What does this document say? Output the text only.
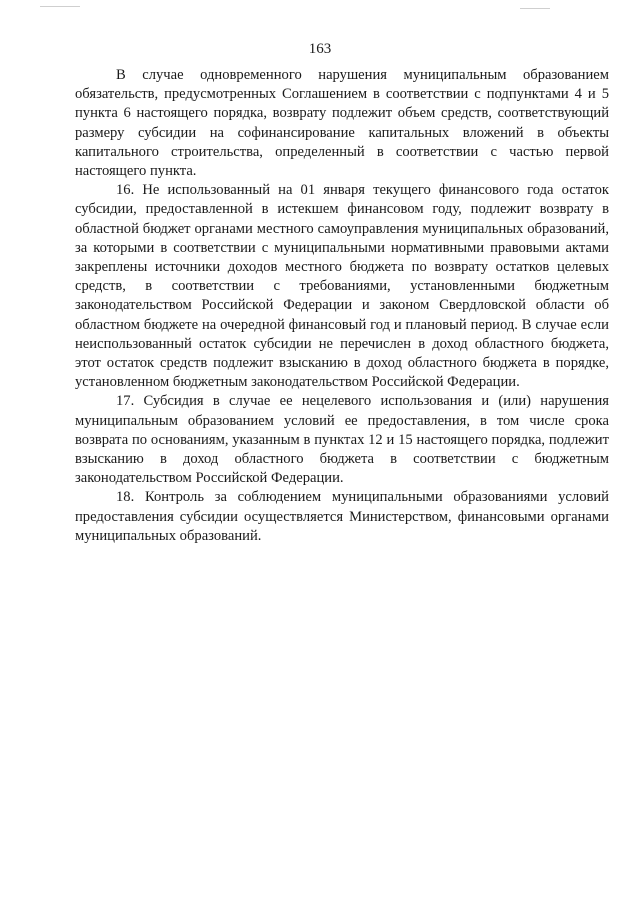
163

В случае одновременного нарушения муниципальным образованием обязательств, предусмотренных Соглашением в соответствии с подпунктами 4 и 5 пункта 6 настоящего порядка, возврату подлежит объем средств, соответствующий размеру субсидии на софинансирование капитальных вложений в объекты капитального строительства, определенный в соответствии с частью первой настоящего пункта.

16. Не использованный на 01 января текущего финансового года остаток субсидии, предоставленной в истекшем финансовом году, подлежит возврату в областной бюджет органами местного самоуправления муниципальных образований, за которыми в соответствии с муниципальными нормативными правовыми актами закреплены источники доходов местного бюджета по возврату остатков целевых средств, в соответствии с требованиями, установленными бюджетным законодательством Российской Федерации и законом Свердловской области об областном бюджете на очередной финансовый год и плановый период. В случае если неиспользованный остаток субсидии не перечислен в доход областного бюджета, этот остаток средств подлежит взысканию в доход областного бюджета в порядке, установленном бюджетным законодательством Российской Федерации.

17. Субсидия в случае ее нецелевого использования и (или) нарушения муниципальным образованием условий ее предоставления, в том числе срока возврата по основаниям, указанным в пунктах 12 и 15 настоящего порядка, подлежит взысканию в доход областного бюджета в соответствии с бюджетным законодательством Российской Федерации.

18. Контроль за соблюдением муниципальными образованиями условий предоставления субсидии осуществляется Министерством, финансовыми органами муниципальных образований.
